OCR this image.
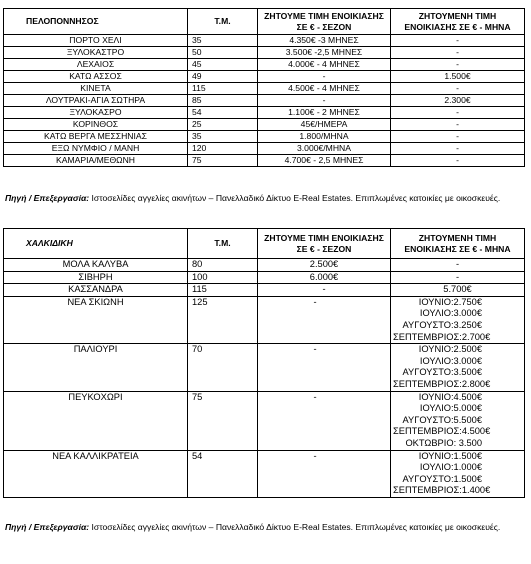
ΠΕΛΟΠΟΝΝΗΣΟΣ	Τ.Μ.	ΖΗΤΟΥΜΕ ΤΙΜΗ ΕΝΟΙΚΙΑΣΗΣ ΣΕ € - ΣΕΖΟΝ	ΖΗΤΟΥΜΕΝΗ ΤΙΜΗ ΕΝΟΙΚΙΑΣΗΣ ΣΕ € - ΜΗΝΑ
ΠΟΡΤΟ ΧΕΛΙ	35	4.350€ -3 ΜΗΝΕΣ	-
ΞΥΛΟΚΑΣΤΡΟ	50	3.500€ -2,5 ΜΗΝΕΣ	-
ΛΕΧΑΙΟΣ	45	4.000€ - 4 ΜΗΝΕΣ	-
ΚΑΤΩ ΑΣΣΟΣ	49	-	1.500€
ΚΙΝΕΤΑ	115	4.500€ - 4 ΜΗΝΕΣ	-
ΛΟΥΤΡΑΚΙ-ΑΓΙΑ ΣΩΤΗΡΑ	85	-	2.300€
ΞΥΛΟΚΑΣΡΟ	54	1.100€ - 2 ΜΗΝΕΣ	-
ΚΟΡΙΝΘΟΣ	25	45€/ΗΜΕΡΑ	-
ΚΑΤΩ ΒΕΡΓΑ ΜΕΣΣΗΝΙΑΣ	35	1.800/ΜΗΝΑ	-
ΕΞΩ ΝΥΜΦΙΟ / ΜΑΝΗ	120	3.000€/ΜΗΝΑ	-
ΚΑΜΑΡΙΑ/ΜΕΘΩΝΗ	75	4.700€ - 2,5 ΜΗΝΕΣ	-

Πηγή / Επεξεργασία: Ιστοσελίδες αγγελίες ακινήτων – Πανελλαδικό Δίκτυο E-Real Estates. Επιπλωμένες κατοικίες με οικοσκευές.

ΧΑΛΚΙΔΙΚΗ	Τ.Μ.	ΖΗΤΟΥΜΕ ΤΙΜΗ ΕΝΟΙΚΙΑΣΗΣ ΣΕ € - ΣΕΖΟΝ	ΖΗΤΟΥΜΕΝΗ ΤΙΜΗ ΕΝΟΙΚΙΑΣΗΣ ΣΕ € - ΜΗΝΑ
ΜΟΛΑ ΚΑΛΥΒΑ	80	2.500€	-

ΣΙΒΗΡΗ	100	6.000€	-

ΚΑΣΣΑΝΔΡΑ	115	-	5.700€

ΝΕΑ ΣΚΙΩΝΗ	125	-	ΙΟΥΝΙΟ:2.750€
ΙΟΥΛΙΟ:3.000€
ΑΥΓΟΥΣΤΟ:3.250€
ΣΕΠΤΕΜΒΡΙΟΣ:2.700€

ΠΑΛΙΟΥΡΙ	70	-	ΙΟΥΝΙΟ:2.500€
ΙΟΥΛΙΟ:3.000€
ΑΥΓΟΥΣΤΟ:3.500€
ΣΕΠΤΕΜΒΡΙΟΣ:2.800€

ΠΕΥΚΟΧΩΡΙ	75	-	ΙΟΥΝΙΟ:4.500€
ΙΟΥΛΙΟ:5.000€
ΑΥΓΟΥΣΤΟ:5.500€
ΣΕΠΤΕΜΒΡΙΟΣ:4.500€
ΟΚΤΩΒΡΙΟ: 3.500

ΝΕΑ ΚΑΛΛΙΚΡΑΤΕΙΑ	54	-	ΙΟΥΝΙΟ:1.500€
ΙΟΥΛΙΟ:1.000€
ΑΥΓΟΥΣΤΟ:1.500€
ΣΕΠΤΕΜΒΡΙΟΣ:1.400€

Πηγή / Επεξεργασία: Ιστοσελίδες αγγελίες ακινήτων – Πανελλαδικό Δίκτυο E-Real Estates. Επιπλωμένες κατοικίες με οικοσκευές.
